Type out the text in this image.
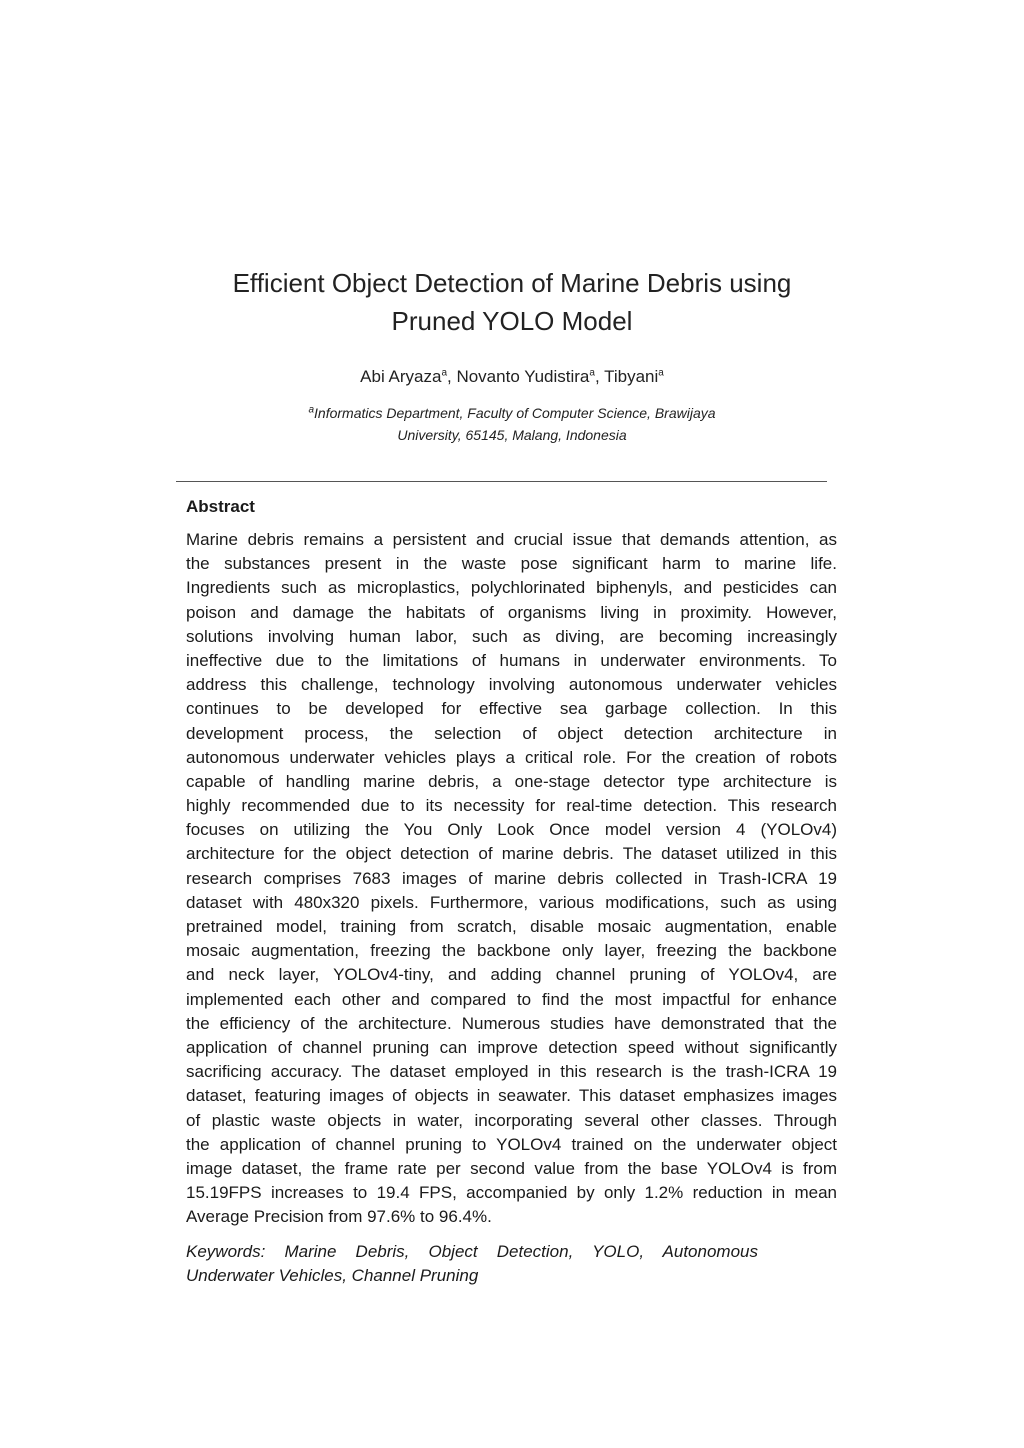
Efficient Object Detection of Marine Debris using
Pruned YOLO Model
Abi Aryaza$^a$, Novanto Yudistira$^a$, Tibyani$^a$
$^a$Informatics Department, Faculty of Computer Science, Brawijaya
University, 65145, Malang, Indonesia
Abstract
Marine debris remains a persistent and crucial issue that demands attention, as
the substances present in the waste pose significant harm to marine life.
Ingredients such as microplastics, polychlorinated biphenyls, and pesticides can
poison and damage the habitats of organisms living in proximity. However,
solutions involving human labor, such as diving, are becoming increasingly
ineffective due to the limitations of humans in underwater environments. To
address this challenge, technology involving autonomous underwater vehicles
continues to be developed for effective sea garbage collection. In this
development process, the selection of object detection architecture in
autonomous underwater vehicles plays a critical role. For the creation of robots
capable of handling marine debris, a one-stage detector type architecture is
highly recommended due to its necessity for real-time detection. This research
focuses on utilizing the You Only Look Once model version 4 (YOLOv4)
architecture for the object detection of marine debris. The dataset utilized in this
research comprises 7683 images of marine debris collected in Trash-ICRA 19
dataset with 480x320 pixels. Furthermore, various modifications, such as using
pretrained model, training from scratch, disable mosaic augmentation, enable
mosaic augmentation, freezing the backbone only layer, freezing the backbone
and neck layer, YOLOv4-tiny, and adding channel pruning of YOLOv4, are
implemented each other and compared to find the most impactful for enhance
the efficiency of the architecture. Numerous studies have demonstrated that the
application of channel pruning can improve detection speed without significantly
sacrificing accuracy. The dataset employed in this research is the trash-ICRA 19
dataset, featuring images of objects in seawater. This dataset emphasizes images
of plastic waste objects in water, incorporating several other classes. Through
the application of channel pruning to YOLOv4 trained on the underwater object
image dataset, the frame rate per second value from the base YOLOv4 is from
15.19FPS increases to 19.4 FPS, accompanied by only 1.2% reduction in mean
Average Precision from 97.6% to 96.4%.
Keywords: Marine Debris, Object Detection, YOLO, Autonomous
Underwater Vehicles, Channel Pruning
